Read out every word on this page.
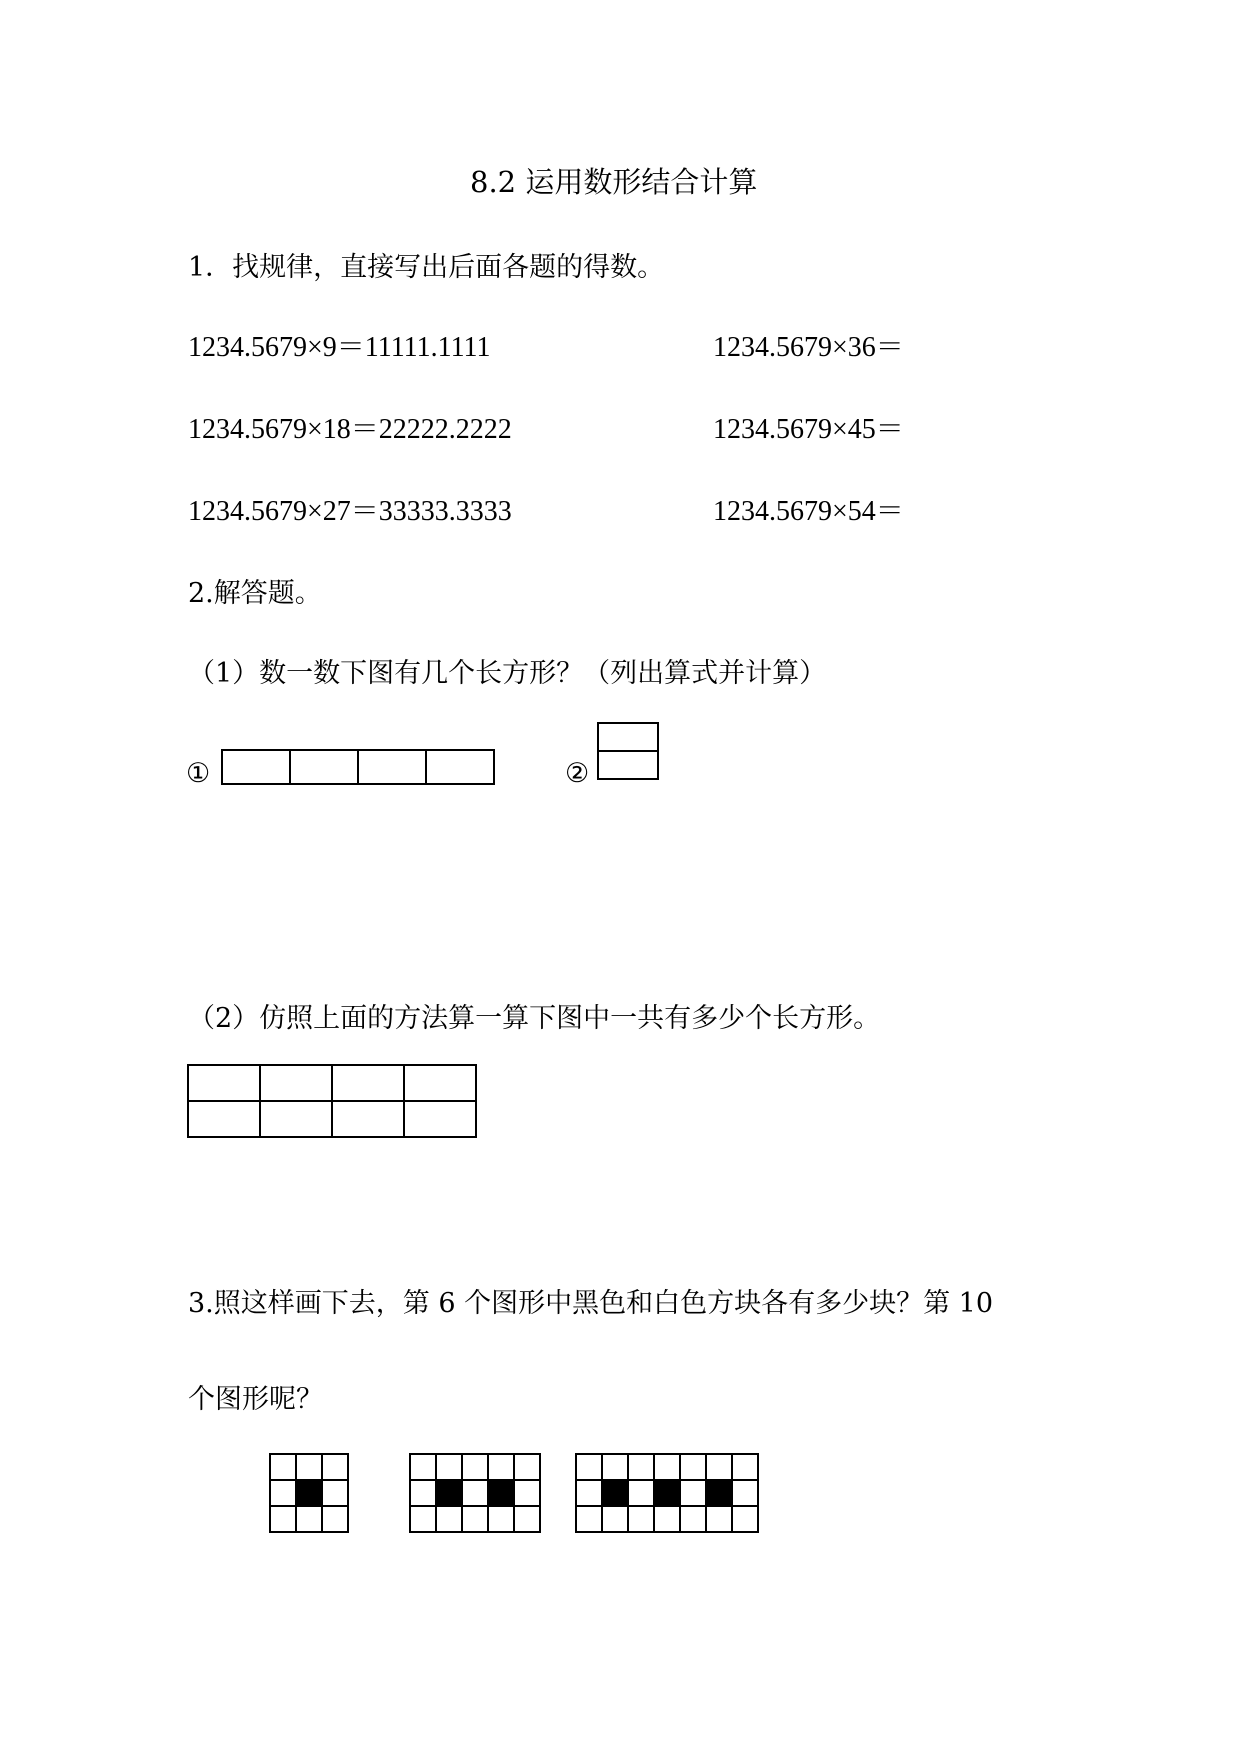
8.2 运用数形结合计算
1．找规律，直接写出后面各题的得数。
1234.5679×9＝11111.1111
1234.5679×18＝22222.2222
1234.5679×27＝33333.3333
1234.5679×36＝
1234.5679×45＝
1234.5679×54＝
2.解答题。
（1）数一数下图有几个长方形？（列出算式并计算）
①
				②

（2）仿照上面的方法算一算下图中一共有多少个长方形。

3.照这样画下去，第 6 个图形中黑色和白色方块各有多少块？第 10
个图形呢？
